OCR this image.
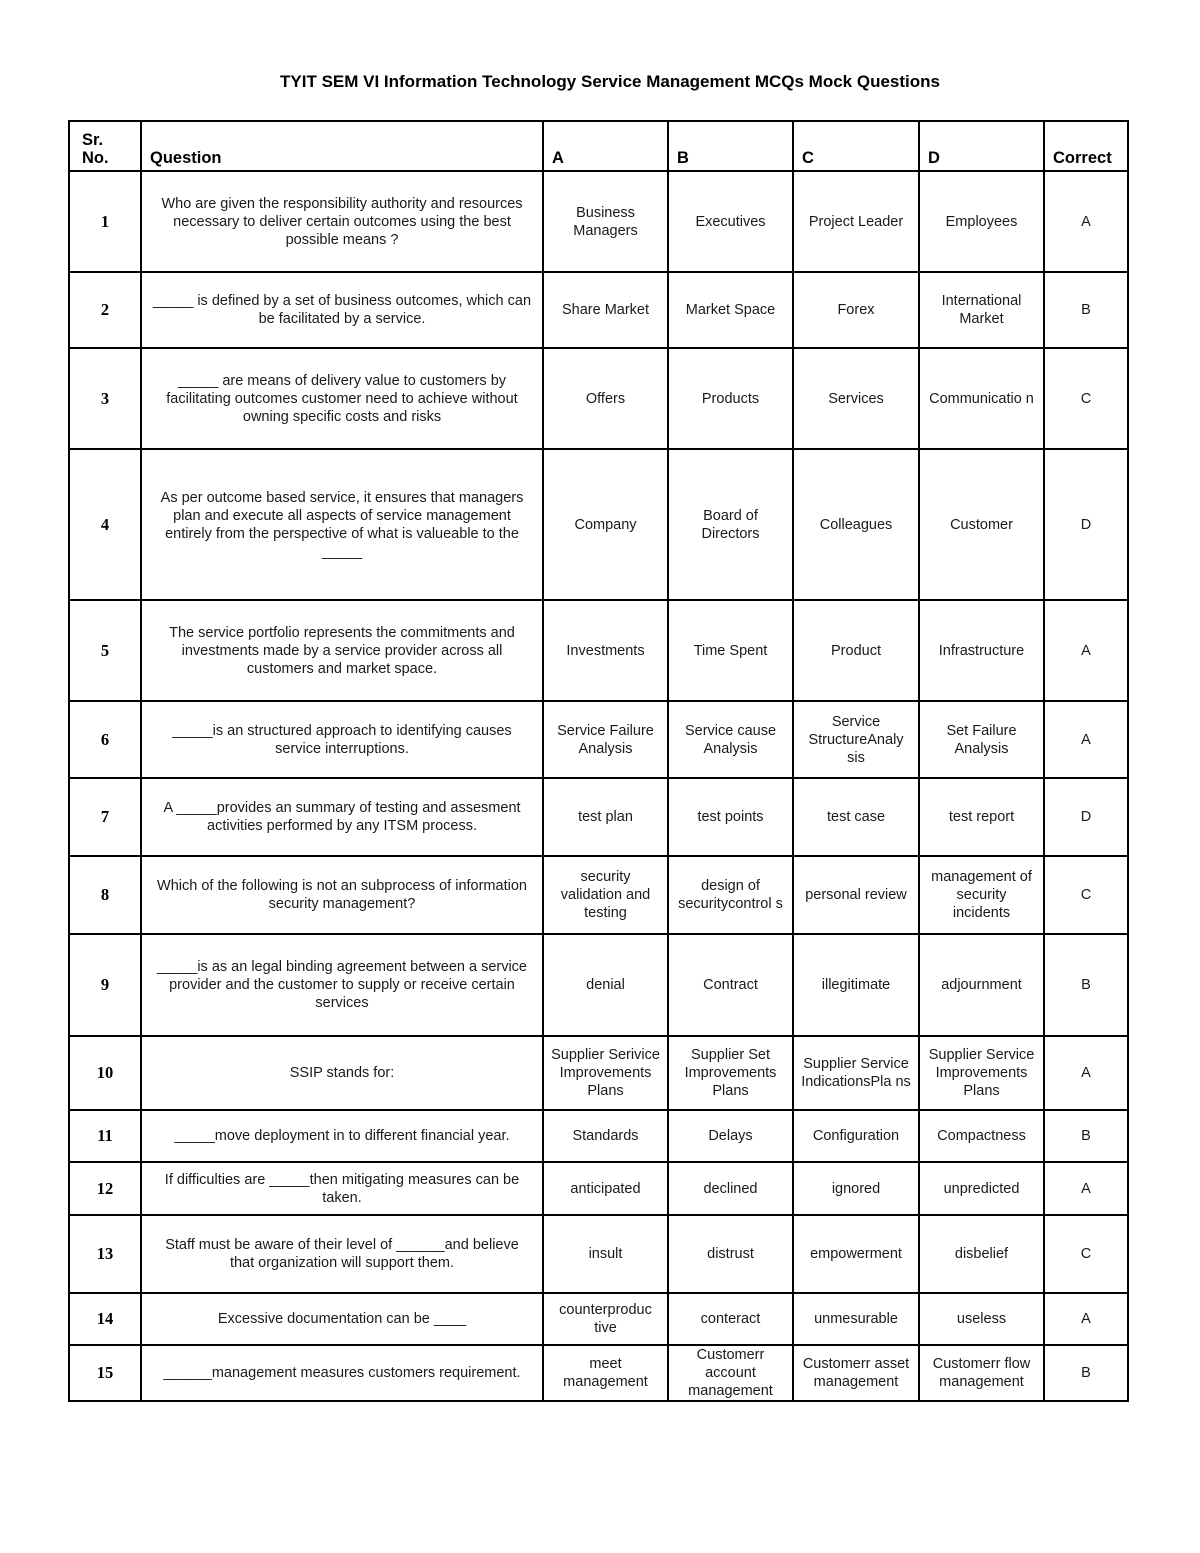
TYIT SEM VI Information Technology Service Management MCQs Mock Questions
Sr. No.	Question	A	B	C	D	Correct
1	Who are given the responsibility authority and resources necessary to deliver certain outcomes using the best possible means ?	Business Managers	Executives	Project Leader	Employees	A
2	_____ is defined by a set of business outcomes, which can be facilitated by a service.	Share Market	Market Space	Forex	International Market	B
3	_____ are means of delivery value to customers by facilitating outcomes customer need to achieve without owning specific costs and risks	Offers	Products	Services	Communicatio n	C
4	As per outcome based service, it ensures that managers plan and execute all aspects of service management entirely from the perspective of what is valueable to the _____	Company	Board of Directors	Colleagues	Customer	D
5	The service portfolio represents the commitments and investments made by a service provider across all customers and market space.	Investments	Time Spent	Product	Infrastructure	A
6	_____is an structured approach to identifying causes service interruptions.	Service Failure Analysis	Service cause Analysis	Service StructureAnaly sis	Set Failure Analysis	A
7	A _____provides an summary of testing and assesment activities performed by any ITSM process.	test plan	test points	test case	test report	D
8	Which of the following is not an subprocess of information security management?	security validation and testing	design of securitycontrol s	personal review	management of security incidents	C
9	_____is as an legal binding agreement between a service provider and the customer to supply or receive certain services	denial	Contract	illegitimate	adjournment	B
10	SSIP stands for:	Supplier Serivice Improvements Plans	Supplier Set Improvements Plans	Supplier Service IndicationsPla ns	Supplier Service Improvements Plans	A
11	_____move deployment in to different financial year.	Standards	Delays	Configuration	Compactness	B
12	If difficulties are _____then mitigating measures can be taken.	anticipated	declined	ignored	unpredicted	A
13	Staff must be aware of their level of ______and believe that organization will support them.	insult	distrust	empowerment	disbelief	C
14	Excessive documentation can be ____	counterproduc tive	conteract	unmesurable	useless	A
15	______management measures customers requirement.	meet management	Customerr account management	Customerr asset management	Customerr flow management	B
